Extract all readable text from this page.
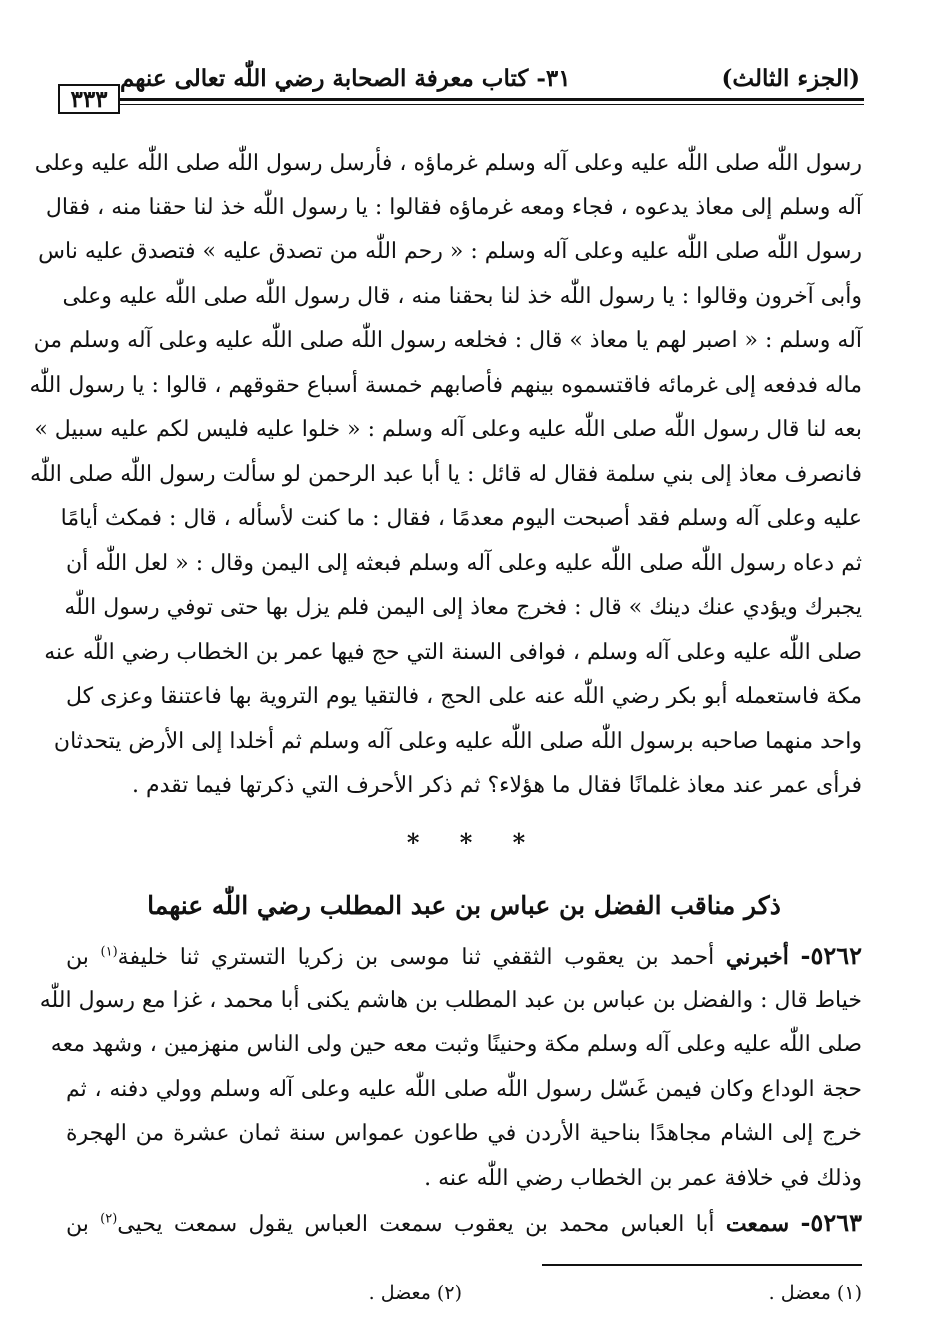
(الجزء الثالث)
٣١- كتاب معرفة الصحابة رضي اللّٰه تعالى عنهم
٣٣٣
رسول اللّٰه صلى اللّٰه عليه وعلى آله وسلم غرماؤه ، فأرسل رسول اللّٰه صلى اللّٰه عليه وعلى
آله وسلم إلى معاذ يدعوه ، فجاء ومعه غرماؤه فقالوا : يا رسول اللّٰه خذ لنا حقنا منه ، فقال
رسول اللّٰه صلى اللّٰه عليه وعلى آله وسلم : « رحم اللّٰه من تصدق عليه » فتصدق عليه ناس
وأبى آخرون وقالوا : يا رسول اللّٰه خذ لنا بحقنا منه ، قال رسول اللّٰه صلى اللّٰه عليه وعلى
آله وسلم : « اصبر لهم يا معاذ » قال : فخلعه رسول اللّٰه صلى اللّٰه عليه وعلى آله وسلم من
ماله فدفعه إلى غرمائه فاقتسموه بينهم فأصابهم خمسة أسباع حقوقهم ، قالوا : يا رسول اللّٰه
بعه لنا قال رسول اللّٰه صلى اللّٰه عليه وعلى آله وسلم : « خلوا عليه فليس لكم عليه سبيل »
فانصرف معاذ إلى بني سلمة فقال له قائل : يا أبا عبد الرحمن لو سألت رسول اللّٰه صلى اللّٰه
عليه وعلى آله وسلم فقد أصبحت اليوم معدمًا ، فقال : ما كنت لأسأله ، قال : فمكث أيامًا
ثم دعاه رسول اللّٰه صلى اللّٰه عليه وعلى آله وسلم فبعثه إلى اليمن وقال : « لعل اللّٰه أن
يجبرك ويؤدي عنك دينك » قال : فخرج معاذ إلى اليمن فلم يزل بها حتى توفي رسول اللّٰه
صلى اللّٰه عليه وعلى آله وسلم ، فوافى السنة التي حج فيها عمر بن الخطاب رضي اللّٰه عنه
مكة فاستعمله أبو بكر رضي اللّٰه عنه على الحج ، فالتقيا يوم التروية بها فاعتنقا وعزى كل
واحد منهما صاحبه برسول اللّٰه صلى اللّٰه عليه وعلى آله وسلم ثم أخلدا إلى الأرض يتحدثان
فرأى عمر عند معاذ غلمانًا فقال ما هؤلاء؟ ثم ذكر الأحرف التي ذكرتها فيما تقدم .
* * *
ذكر مناقب الفضل بن عباس بن عبد المطلب رضي اللّٰه عنهما
٥٢٦٢- أخبرني أحمد بن يعقوب الثقفي ثنا موسى بن زكريا التستري ثنا خليفة$^{(١)}$ بن
خياط قال : والفضل بن عباس بن عبد المطلب بن هاشم يكنى أبا محمد ، غزا مع رسول اللّٰه
صلى اللّٰه عليه وعلى آله وسلم مكة وحنينًا وثبت معه حين ولى الناس منهزمين ، وشهد معه
حجة الوداع وكان فيمن غَسّل رسول اللّٰه صلى اللّٰه عليه وعلى آله وسلم وولي دفنه ، ثم
خرج إلى الشام مجاهدًا بناحية الأردن في طاعون عمواس سنة ثمان عشرة من الهجرة
وذلك في خلافة عمر بن الخطاب رضي اللّٰه عنه .
٥٢٦٣- سمعت أبا العباس محمد بن يعقوب سمعت العباس يقول سمعت يحيى$^{(٢)}$ بن
(١) معضل .
(٢) معضل .
